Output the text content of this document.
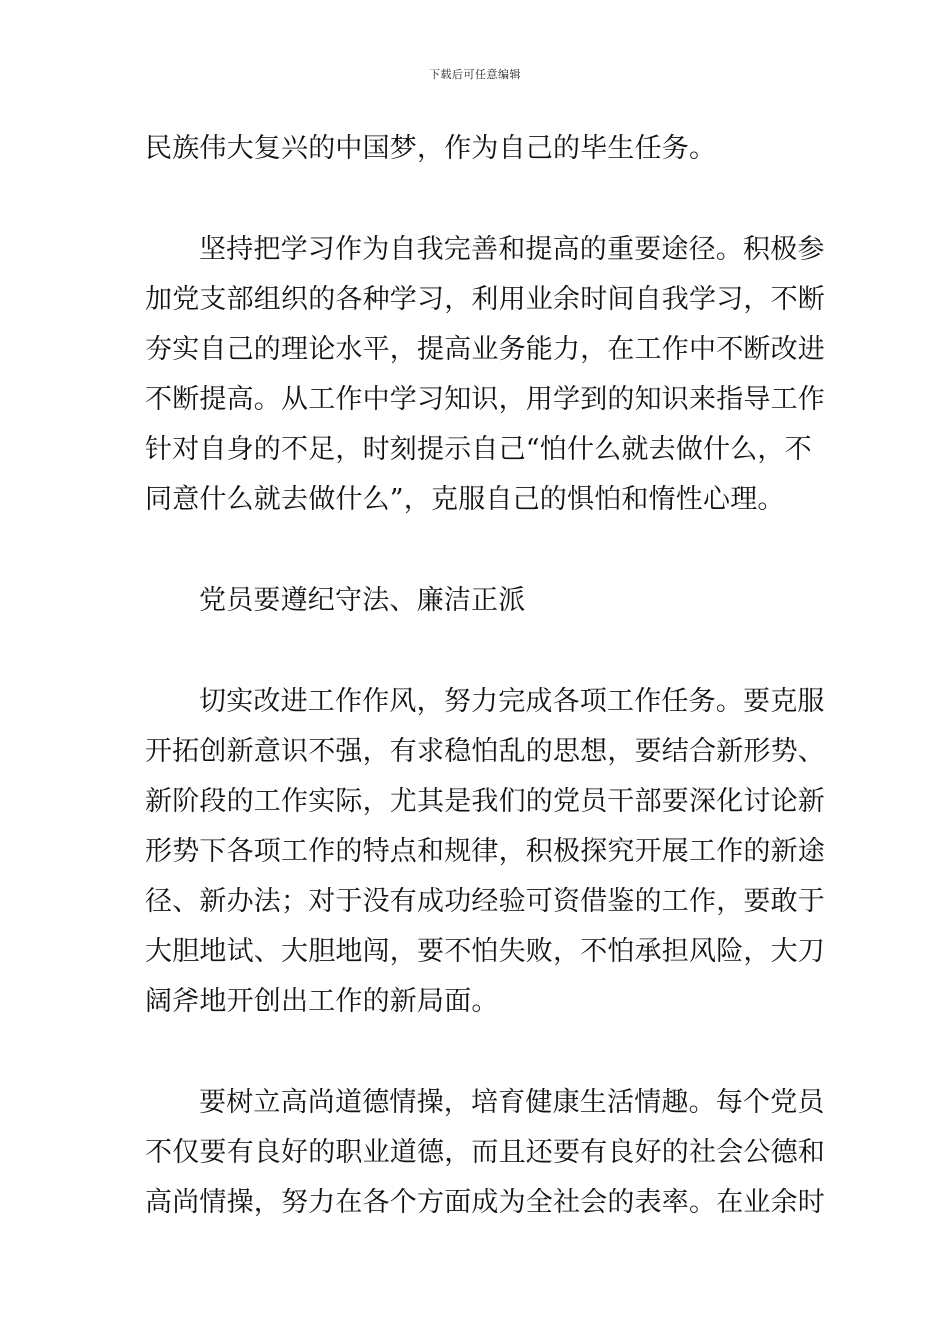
下载后可任意编辑
民族伟大复兴的中国梦，作为自己的毕生任务。
坚持把学习作为自我完善和提高的重要途径。积极参
加党支部组织的各种学习，利用业余时间自我学习，不断
夯实自己的理论水平，提高业务能力，在工作中不断改进
不断提高。从工作中学习知识，用学到的知识来指导工作
针对自身的不足，时刻提示自己“怕什么就去做什么，不
同意什么就去做什么”，克服自己的惧怕和惰性心理。
党员要遵纪守法、廉洁正派
切实改进工作作风，努力完成各项工作任务。要克服
开拓创新意识不强，有求稳怕乱的思想，要结合新形势、
新阶段的工作实际，尤其是我们的党员干部要深化讨论新
形势下各项工作的特点和规律，积极探究开展工作的新途
径、新办法；对于没有成功经验可资借鉴的工作，要敢于
大胆地试、大胆地闯，要不怕失败，不怕承担风险，大刀
阔斧地开创出工作的新局面。
要树立高尚道德情操，培育健康生活情趣。每个党员
不仅要有良好的职业道德，而且还要有良好的社会公德和
高尚情操，努力在各个方面成为全社会的表率。在业余时
